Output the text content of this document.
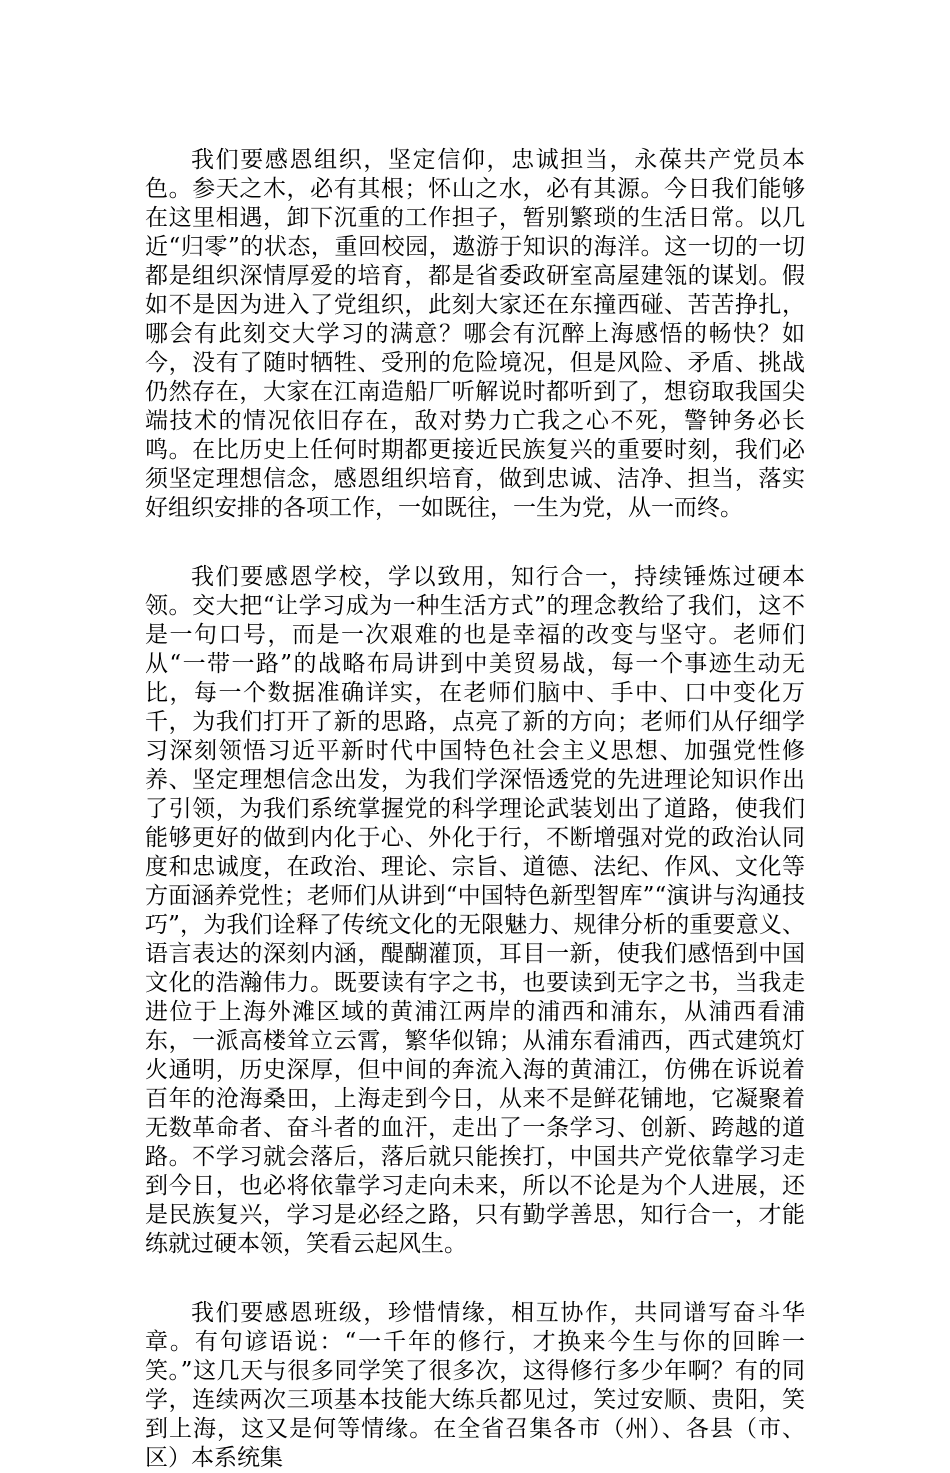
我们要感恩组织，坚定信仰，忠诚担当，永葆共产党员本色。参天之木，必有其根；怀山之水，必有其源。今日我们能够在这里相遇，卸下沉重的工作担子，暂别繁琐的生活日常。以几近“归零”的状态，重回校园，遨游于知识的海洋。这一切的一切都是组织深情厚爱的培育，都是省委政研室高屋建瓴的谋划。假如不是因为进入了党组织，此刻大家还在东撞西碰、苦苦挣扎，哪会有此刻交大学习的满意？哪会有沉醉上海感悟的畅快？如今，没有了随时牺牲、受刑的危险境况，但是风险、矛盾、挑战仍然存在，大家在江南造船厂听解说时都听到了，想窃取我国尖端技术的情况依旧存在，敌对势力亡我之心不死，警钟务必长鸣。在比历史上任何时期都更接近民族复兴的重要时刻，我们必须坚定理想信念，感恩组织培育，做到忠诚、洁净、担当，落实好组织安排的各项工作，一如既往，一生为党，从一而终。

我们要感恩学校，学以致用，知行合一，持续锤炼过硬本领。交大把“让学习成为一种生活方式”的理念教给了我们，这不是一句口号，而是一次艰难的也是幸福的改变与坚守。老师们从“一带一路”的战略布局讲到中美贸易战，每一个事迹生动无比，每一个数据准确详实，在老师们脑中、手中、口中变化万千，为我们打开了新的思路，点亮了新的方向；老师们从仔细学习深刻领悟习近平新时代中国特色社会主义思想、加强党性修养、坚定理想信念出发，为我们学深悟透党的先进理论知识作出了引领，为我们系统掌握党的科学理论武装划出了道路，使我们能够更好的做到内化于心、外化于行，不断增强对党的政治认同度和忠诚度，在政治、理论、宗旨、道德、法纪、作风、文化等方面涵养党性；老师们从讲到“中国特色新型智库”“演讲与沟通技巧”，为我们诠释了传统文化的无限魅力、规律分析的重要意义、语言表达的深刻内涵，醍醐灌顶，耳目一新，使我们感悟到中国文化的浩瀚伟力。既要读有字之书，也要读到无字之书，当我走进位于上海外滩区域的黄浦江两岸的浦西和浦东，从浦西看浦东，一派高楼耸立云霄，繁华似锦；从浦东看浦西，西式建筑灯火通明，历史深厚，但中间的奔流入海的黄浦江，仿佛在诉说着百年的沧海桑田，上海走到今日，从来不是鲜花铺地，它凝聚着无数革命者、奋斗者的血汗，走出了一条学习、创新、跨越的道路。不学习就会落后，落后就只能挨打，中国共产党依靠学习走到今日，也必将依靠学习走向未来，所以不论是为个人进展，还是民族复兴，学习是必经之路，只有勤学善思，知行合一，才能练就过硬本领，笑看云起风生。

我们要感恩班级，珍惜情缘，相互协作，共同谱写奋斗华章。有句谚语说：“一千年的修行，才换来今生与你的回眸一笑。”这几天与很多同学笑了很多次，这得修行多少年啊？有的同学，连续两次三项基本技能大练兵都见过，笑过安顺、贵阳，笑到上海，这又是何等情缘。在全省召集各市（州）、各县（市、区）本系统集
